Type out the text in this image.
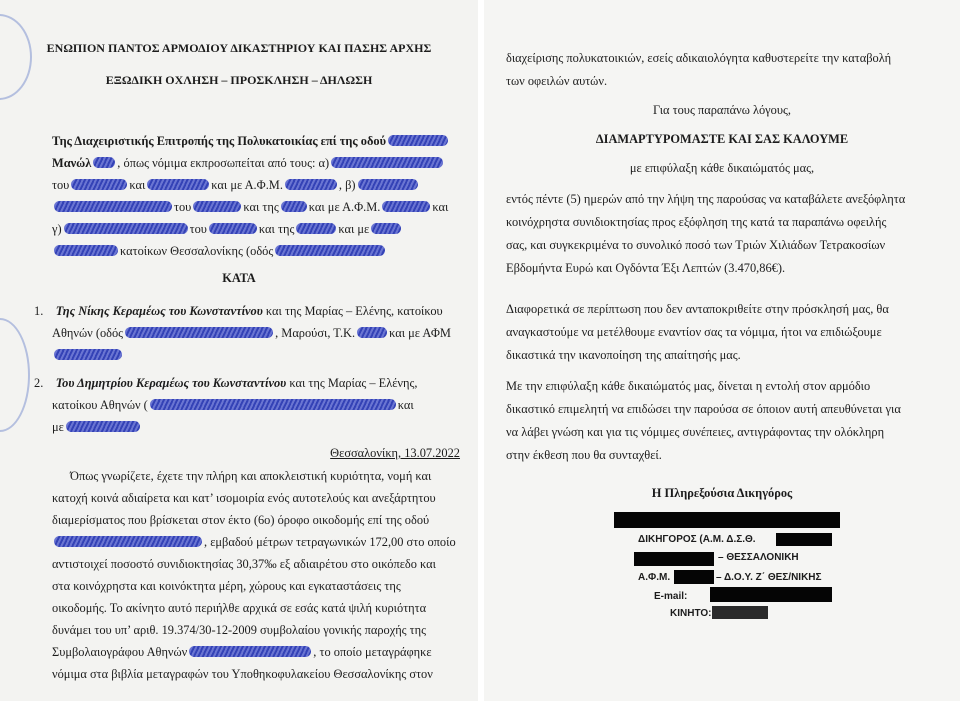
ΕΝΩΠΙΟΝ ΠΑΝΤΟΣ ΑΡΜΟΔΙΟΥ ΔΙΚΑΣΤΗΡΙΟΥ ΚΑΙ ΠΑΣΗΣ ΑΡΧΗΣ
ΕΞΩΔΙΚΗ ΟΧΛΗΣΗ – ΠΡΟΣΚΛΗΣΗ – ΔΗΛΩΣΗ
Της Διαχειριστικής Επιτροπής της Πολυκατοικίας επί της οδού
Μανώλ , όπως νόμιμα εκπροσωπείται από τους: α)
του	και	και με Α.Φ.Μ.	, β)
του	και της και με Α.Φ.Μ.	και
γ)	του	και της	και με
κατοίκων Θεσσαλονίκης (οδός
ΚΑΤΑ
1. Της Νίκης Κεραμέως του Κωνσταντίνου και της Μαρίας – Ελένης, κατοίκου
Αθηνών (οδός	, Μαρούσι, Τ.Κ.	και με ΑΦΜ
2. Του Δημητρίου Κεραμέως του Κωνσταντίνου και της Μαρίας – Ελένης,
κατοίκου Αθηνών (	και
με
Θεσσαλονίκη, 13.07.2022
Όπως γνωρίζετε, έχετε την πλήρη και αποκλειστική κυριότητα, νομή και
κατοχή κοινά αδιαίρετα και κατ’ ισομοιρία ενός αυτοτελούς και ανεξάρτητου
διαμερίσματος που βρίσκεται στον έκτο (6ο) όροφο οικοδομής επί της οδού
, εμβαδού μέτρων τετραγωνικών 172,00 στο οποίο
αντιστοιχεί ποσοστό συνιδιοκτησίας 30,37‰ εξ αδιαιρέτου στο οικόπεδο και
στα κοινόχρηστα και κοινόκτητα μέρη, χώρους και εγκαταστάσεις της
οικοδομής. Το ακίνητο αυτό περιήλθε αρχικά σε εσάς κατά ψιλή κυριότητα
δυνάμει του υπ’ αριθ. 19.374/30-12-2009 συμβολαίου γονικής παροχής της
Συμβολαιογράφου Αθηνών	, το οποίο μεταγράφηκε
νόμιμα στα βιβλία μεταγραφών του Υποθηκοφυλακείου Θεσσαλονίκης στον
διαχείρισης πολυκατοικιών, εσείς αδικαιολόγητα καθυστερείτε την καταβολή
των οφειλών αυτών.
Για τους παραπάνω λόγους,
ΔΙΑΜΑΡΤΥΡΟΜΑΣΤΕ ΚΑΙ ΣΑΣ ΚΑΛΟΥΜΕ
με επιφύλαξη κάθε δικαιώματός μας,
εντός πέντε (5) ημερών από την λήψη της παρούσας να καταβάλετε ανεξόφλητα
κοινόχρηστα συνιδιοκτησίας προς εξόφληση της κατά τα παραπάνω οφειλής
σας, και συγκεκριμένα το συνολικό ποσό των Τριών Χιλιάδων Τετρακοσίων
Εβδομήντα Ευρώ και Ογδόντα Έξι Λεπτών (3.470,86€).
Διαφορετικά σε περίπτωση που δεν ανταποκριθείτε στην πρόσκλησή μας, θα
αναγκαστούμε να μετέλθουμε εναντίον σας τα νόμιμα, ήτοι να επιδιώξουμε
δικαστικά την ικανοποίηση της απαίτησής μας.
Με την επιφύλαξη κάθε δικαιώματός μας, δίνεται η εντολή στον αρμόδιο
δικαστικό επιμελητή να επιδώσει την παρούσα σε όποιον αυτή απευθύνεται για
να λάβει γνώση και για τις νόμιμες συνέπειες, αντιγράφοντας την ολόκληρη
στην έκθεση που θα συνταχθεί.
Η Πληρεξούσια Δικηγόρος
ΔΙΚΗΓΟΡΟΣ (Α.Μ. Δ.Σ.Θ.
– ΘΕΣΣΑΛΟΝΙΚΗ
Α.Φ.Μ.	– Δ.Ο.Υ. Ζ΄ ΘΕΣ/ΝΙΚΗΣ
E-mail:
ΚΙΝΗΤΟ:
